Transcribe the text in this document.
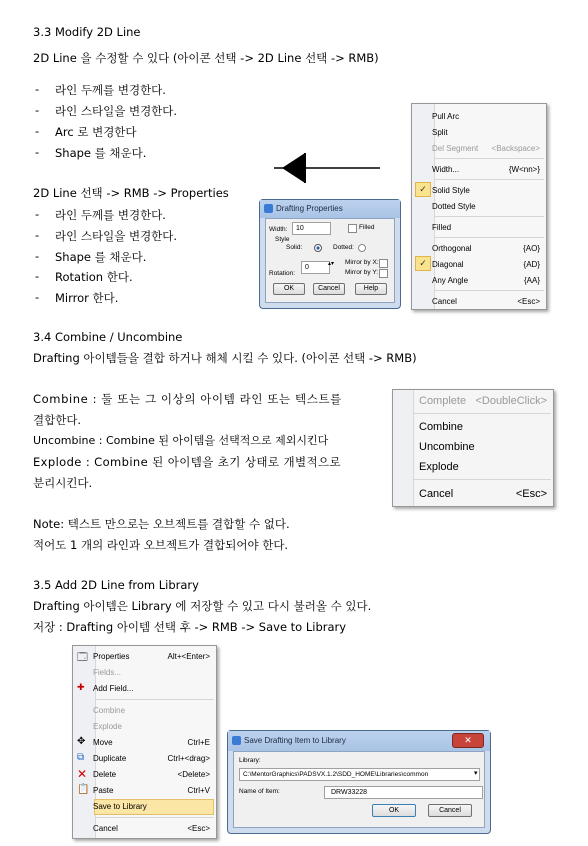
3.3 Modify 2D Line
2D Line 을 수정할 수 있다 (아이콘 선택 -> 2D Line 선택 -> RMB)
- 라인 두께를 변경한다.
- 라인 스타일을 변경한다.
- Arc 로 변경한다
- Shape 를 채운다.
2D Line 선택 -> RMB -> Properties
- 라인 두께를 변경한다.
- 라인 스타일을 변경한다.
- Shape 를 채운다.
- Rotation 한다.
- Mirror 한다.
Drafting Properties
Width:	10	Filled
Style
Solid:	Dotted:
Rotation:
0	▴▾ Mirror by X:
Mirror by Y:
OK	Cancel	Help
Pull Arc
Split
Del Segment <Backspace>
Width...	{W<nn>}
✓ Solid Style
Dotted Style
Filled
Orthogonal	{AO}
✓ Diagonal	{AD}
Any Angle	{AA}
Cancel	<Esc>
3.4 Combine / Uncombine
Drafting 아이템들을 결합 하거나 해체 시킬 수 있다. (아이콘 선택 -> RMB)
Combine : 둘 또는 그 이상의 아이템 라인 또는 텍스트를
결합한다.
Uncombine : Combine 된 아이템을 선택적으로 제외시킨다
Explode : Combine 된 아이템을 초기 상태로 개별적으로
분리시킨다.
Note: 텍스트 만으로는 오브젝트를 결합할 수 없다.
적어도 1 개의 라인과 오브젝트가 결합되어야 한다.
Complete <DoubleClick>
Combine
Uncombine
Explode
Cancel	<Esc>
3.5 Add 2D Line from Library
Drafting 아이템은 Library 에 저장할 수 있고 다시 불러올 수 있다.
저장 : Drafting 아이템 선택 후 -> RMB -> Save to Library
🗔 Properties	Alt+<Enter>
Fields...
✚ Add Field...
Combine
Explode
✥ Move	Ctrl+E
⧉ Duplicate	Ctrl+<drag>
✕ Delete	<Delete>
📋 Paste	Ctrl+V
Save to Library
Cancel	<Esc>
Save Drafting Item to Library	✕
Library:
C:\MentorGraphics\PADSVX.1.2\SDD_HOME\Libraries\common	▾
Name of Item:	DRW33228
OK	Cancel
